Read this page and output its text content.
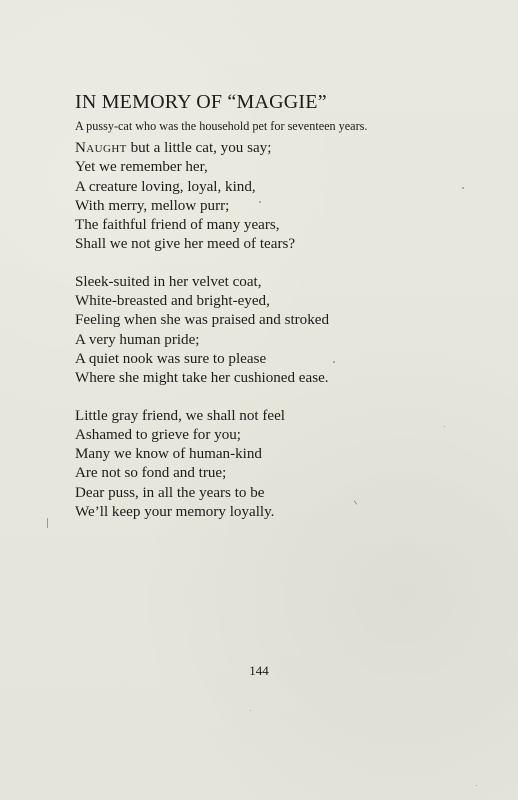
IN MEMORY OF “MAGGIE”
A pussy-cat who was the household pet for seventeen years.
Naught but a little cat, you say;
Yet we remember her,
A creature loving, loyal, kind,
With merry, mellow purr;
The faithful friend of many years,
Shall we not give her meed of tears?
Sleek-suited in her velvet coat,
White-breasted and bright-eyed,
Feeling when she was praised and stroked
A very human pride;
A quiet nook was sure to please
Where she might take her cushioned ease.
Little gray friend, we shall not feel
Ashamed to grieve for you;
Many we know of human-kind
Are not so fond and true;
Dear puss, in all the years to be
We’ll keep your memory loyally.
144
